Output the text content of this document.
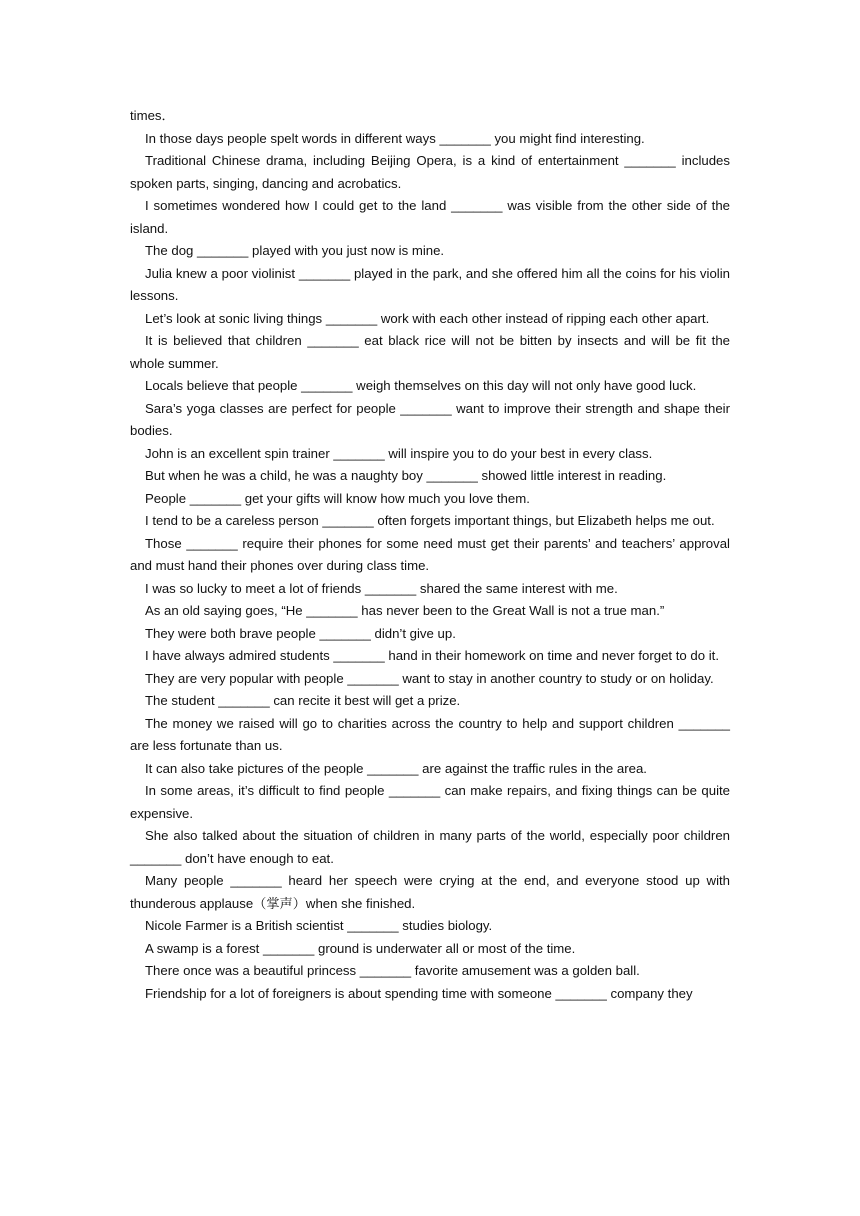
times．

In those days people spelt words in different ways _______ you might find interesting.

Traditional Chinese drama, including Beijing Opera, is a kind of entertainment _______ includes spoken parts, singing, dancing and acrobatics.

I sometimes wondered how I could get to the land _______ was visible from the other side of the island.

The dog _______ played with you just now is mine.

Julia knew a poor violinist _______ played in the park, and she offered him all the coins for his violin lessons.

Let’s look at sonic living things _______ work with each other instead of ripping each other apart.

It is believed that children _______ eat black rice will not be bitten by insects and will be fit the whole summer.

Locals believe that people _______ weigh themselves on this day will not only have good luck.

Sara’s yoga classes are perfect for people _______ want to improve their strength and shape their bodies.

John is an excellent spin trainer _______ will inspire you to do your best in every class.

But when he was a child, he was a naughty boy _______ showed little interest in reading.

People _______ get your gifts will know how much you love them.

I tend to be a careless person _______ often forgets important things, but Elizabeth helps me out.

Those _______ require their phones for some need must get their parents’ and teachers’ approval and must hand their phones over during class time.

I was so lucky to meet a lot of friends _______ shared the same interest with me.

As an old saying goes, “He _______ has never been to the Great Wall is not a true man.”

They were both brave people _______ didn’t give up.

I have always admired students _______ hand in their homework on time and never forget to do it.

They are very popular with people _______ want to stay in another country to study or on holiday.

The student _______ can recite it best will get a prize.

The money we raised will go to charities across the country to help and support children _______ are less fortunate than us.

It can also take pictures of the people _______ are against the traffic rules in the area.

In some areas, it’s difficult to find people _______ can make repairs, and fixing things can be quite expensive.

She also talked about the situation of children in many parts of the world, especially poor children _______ don’t have enough to eat.

Many people _______ heard her speech were crying at the end, and everyone stood up with thunderous applause（掌声）when she finished.

Nicole Farmer is a British scientist _______ studies biology.

A swamp is a forest _______ ground is underwater all or most of the time.

There once was a beautiful princess _______ favorite amusement was a golden ball.

Friendship for a lot of foreigners is about spending time with someone _______ company they
